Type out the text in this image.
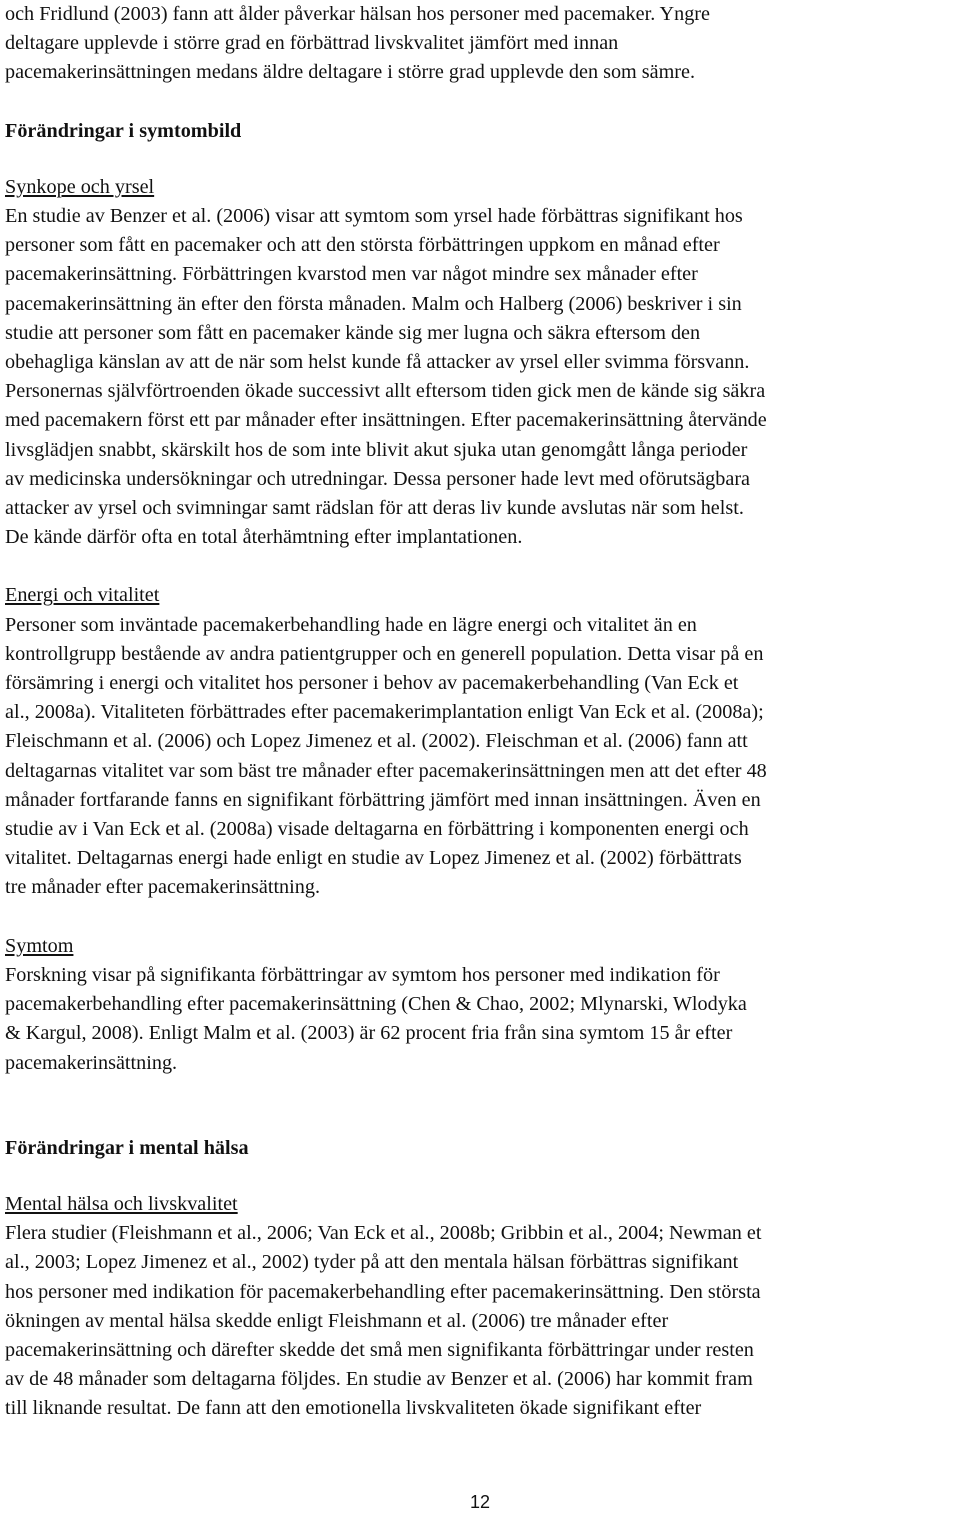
och Fridlund (2003) fann att ålder påverkar hälsan hos personer med pacemaker. Yngre
deltagare upplevde i större grad en förbättrad livskvalitet jämfört med innan
pacemakerinsättningen medans äldre deltagare i större grad upplevde den som sämre.

Förändringar i symtombild
Synkope och yrsel

En studie av Benzer et al. (2006) visar att symtom som yrsel hade förbättras signifikant hos
personer som fått en pacemaker och att den största förbättringen uppkom en månad efter
pacemakerinsättning. Förbättringen kvarstod men var något mindre sex månader efter
pacemakerinsättning än efter den första månaden. Malm och Halberg (2006) beskriver i sin
studie att personer som fått en pacemaker kände sig mer lugna och säkra eftersom den
obehagliga känslan av att de när som helst kunde få attacker av yrsel eller svimma försvann.
Personernas självförtroenden ökade successivt allt eftersom tiden gick men de kände sig säkra
med pacemakern först ett par månader efter insättningen. Efter pacemakerinsättning återvände
livsglädjen snabbt, skärskilt hos de som inte blivit akut sjuka utan genomgått långa perioder
av medicinska undersökningar och utredningar. Dessa personer hade levt med oförutsägbara
attacker av yrsel och svimningar samt rädslan för att deras liv kunde avslutas när som helst.
De kände därför ofta en total återhämtning efter implantationen.

Energi och vitalitet

Personer som inväntade pacemakerbehandling hade en lägre energi och vitalitet än en
kontrollgrupp bestående av andra patientgrupper och en generell population. Detta visar på en
försämring i energi och vitalitet hos personer i behov av pacemakerbehandling (Van Eck et
al., 2008a). Vitaliteten förbättrades efter pacemakerimplantation enligt Van Eck et al. (2008a);
Fleischmann et al. (2006) och Lopez Jimenez et al. (2002). Fleischman et al. (2006) fann att
deltagarnas vitalitet var som bäst tre månader efter pacemakerinsättningen men att det efter 48
månader fortfarande fanns en signifikant förbättring jämfört med innan insättningen. Även en
studie av i Van Eck et al. (2008a) visade deltagarna en förbättring i komponenten energi och
vitalitet. Deltagarnas energi hade enligt en studie av Lopez Jimenez et al. (2002) förbättrats
tre månader efter pacemakerinsättning.

Symtom

Forskning visar på signifikanta förbättringar av symtom hos personer med indikation för
pacemakerbehandling efter pacemakerinsättning (Chen & Chao, 2002; Mlynarski, Wlodyka
& Kargul, 2008). Enligt Malm et al. (2003) är 62 procent fria från sina symtom 15 år efter
pacemakerinsättning.

Förändringar i mental hälsa
Mental hälsa och livskvalitet

Flera studier (Fleishmann et al., 2006; Van Eck et al., 2008b; Gribbin et al., 2004; Newman et
al., 2003; Lopez Jimenez et al., 2002) tyder på att den mentala hälsan förbättras signifikant
hos personer med indikation för pacemakerbehandling efter pacemakerinsättning. Den största
ökningen av mental hälsa skedde enligt Fleishmann et al. (2006) tre månader efter
pacemakerinsättning och därefter skedde det små men signifikanta förbättringar under resten
av de 48 månader som deltagarna följdes. En studie av Benzer et al. (2006) har kommit fram
till liknande resultat. De fann att den emotionella livskvaliteten ökade signifikant efter

12
